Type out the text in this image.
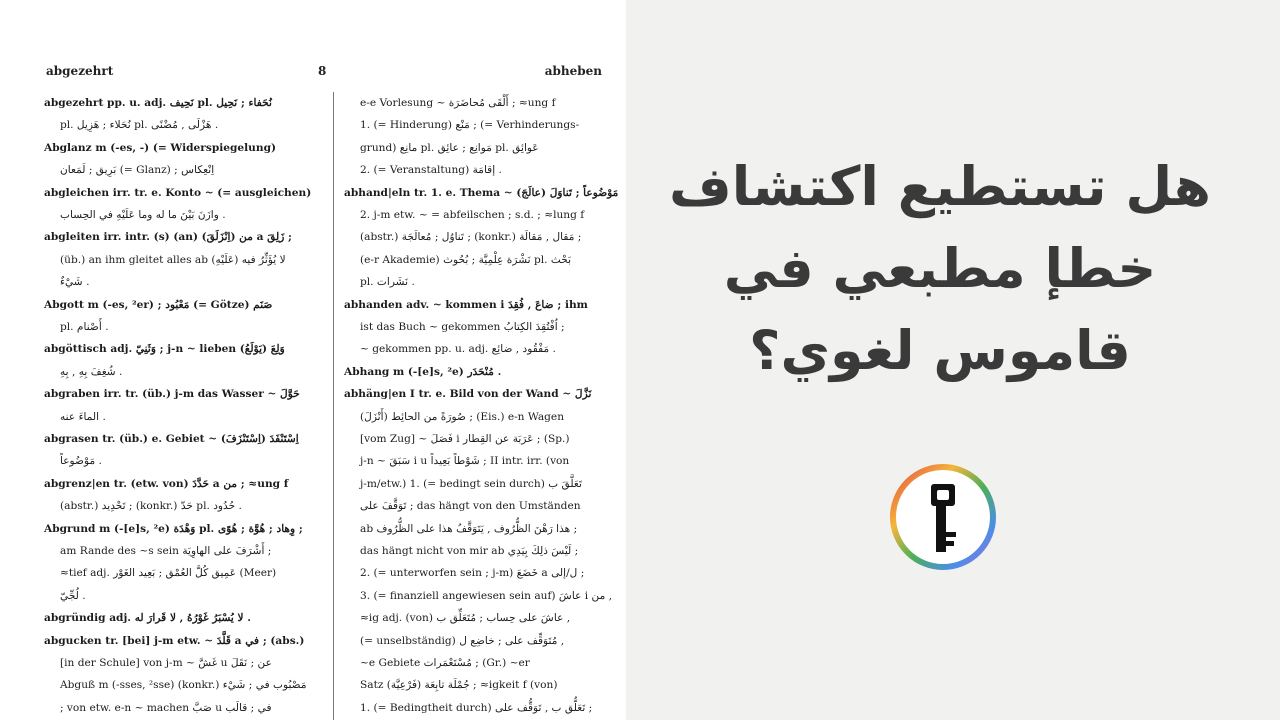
abgezehrt	8	abheben
abgezehrt pp. u. adj. نَحِيف pl. نُحَفاء ; نَحِيل
pl. نُحَلاء ; هَزِيل pl. هَزْلَى , مُضْنًى .
Abglanz m (-es, -) (= Widerspiegelung)
بَرِيق ; لَمَعان (= Glanz) ; اِنْعِكاس
abgleichen irr. tr. e. Konto ~ (= ausgleichen)
وازَنَ بَيْنَ ما له وما عَلَيْهِ في الحِساب .
abgleiten irr. intr. (s) (an) من (اِنْزَلَقَ) a زَلِقَ ;
(üb.) an ihm gleitet alles ab (عَلَيْهِ) لا يُؤَثِّرُ فيه
شَيْءٌ .
Abgott m (-es, ²er) ; مَعْبُود (= Götze) صَنَم
pl. أَصْنام .
abgöttisch adj. وَثَنِيّ ; j-n ~ lieben (وَلِعَ (يَوْلَعُ
شُغِفَ بِهِ , بِهِ .
abgraben irr. tr. (üb.) j-m das Wasser ~ حَوَّلَ
الماءَ عنه .
abgrasen tr. (üb.) e. Gebiet ~ (اِسْتَنْزَفَ) اِسْتَنْفَدَ
مَوْضُوعاً .
abgrenz|en tr. (etw. von) حَدَّدَ a من ; ≈ung f
(abstr.) تَحْدِيد ; (konkr.) حَدّ pl. حُدُود .
Abgrund m (-[e]s, ²e) وَهْدَة pl. وِهاد ; هُوَّة ; هُوًى ;
am Rande des ~s sein أَشْرَفَ على الهاوِيَة ;
≈tief adj. عَمِيق كُلَّ العُمْق ; بَعِيد الغَوْر (Meer)
لُجِّيّ .
abgründig adj. لا يُسْبَرُ غَوْرُهُ , لا قَرارَ له .
abgucken tr. [bei] j-m etw. ~ قَلَّدَ a في ; (abs.)
[in der Schule] von j-m ~ غَشَّ u عن ; نَقَلَ
Abguß m (-sses, ²sse) (konkr.) مَصْبُوب في ; شَيْء
; von etw. e-n ~ machen صَبَّ u في ; قالَب
e-e Vorlesung ~ أَلْقَى مُحاضَرَة ; ≈ung f
1. (= Hinderung) مَنْع ; (= Verhinderungs-
grund) مانِع pl. مَوانِع ; عائِق pl. عَوائِق
2. (= Veranstaltung) إقامَة .
abhand|eln tr. 1. e. Thema ~ (عالَجَ) مَوْضُوعاً ; تَناوَلَ
2. j-m etw. ~ = abfeilschen ; s.d. ; ≈lung f
(abstr.) تَناوُل ; مُعالَجَة ; (konkr.) مَقال , مَقالَة ;
(e-r Akademie) نَشْرَة عِلْمِيَّة ; بُحُوث pl. بَحْث
pl. نَشَرات .
abhanden adv. ~ kommen i ضاعَ , فُقِدَ ; ihm
ist das Buch ~ gekommen اُفْتُقِدَ الكِتابُ ;
~ gekommen pp. u. adj. مَفْقُود , ضائِع .
Abhang m (-[e]s, ²e) مُنْحَدَر .
abhäng|en I tr. e. Bild von der Wand ~ نَزَّلَ
(أَنْزَلَ) صُورَةً من الحائِط ; (Eis.) e-n Wagen
[vom Zug] ~ فَصَلَ i عَرَبَة عن القِطار ; (Sp.)
j-n ~ سَبَقَ i u شَوْطاً بَعِيداً ; II intr. irr. (von
j-m/etw.) 1. (= bedingt sein durch) تَعَلَّقَ ب
تَوَقَّفَ على ; das hängt von den Umständen
ab هذا رَهْنَ الظُّرُوف , يَتَوَقَّفُ هذا على الظُّرُوف ;
das hängt nicht von mir ab لَيْسَ ذلِكَ بِيَدِي ;
2. (= unterworfen sein ; j-m) خَضَعَ a ل/إلى ;
3. (= finanziell angewiesen sein auf) عاشَ i من ,
≈ig adj. (von) عاشَ على حِساب ; مُتَعَلِّق ب ,
(= unselbständig) مُتَوَقِّف على ; خاضِع ل ,
~e Gebiete مُسْتَعْمَرات ; (Gr.) ~er
Satz جُمْلَة تابِعَة (فَرْعِيَّة) ; ≈igkeit f (von)
1. (= Bedingtheit durch) تَعَلُّق ب , تَوَقُّف على ;
هل تستطيع اكتشاف
خطإ مطبعي في
قاموس لغوي؟
